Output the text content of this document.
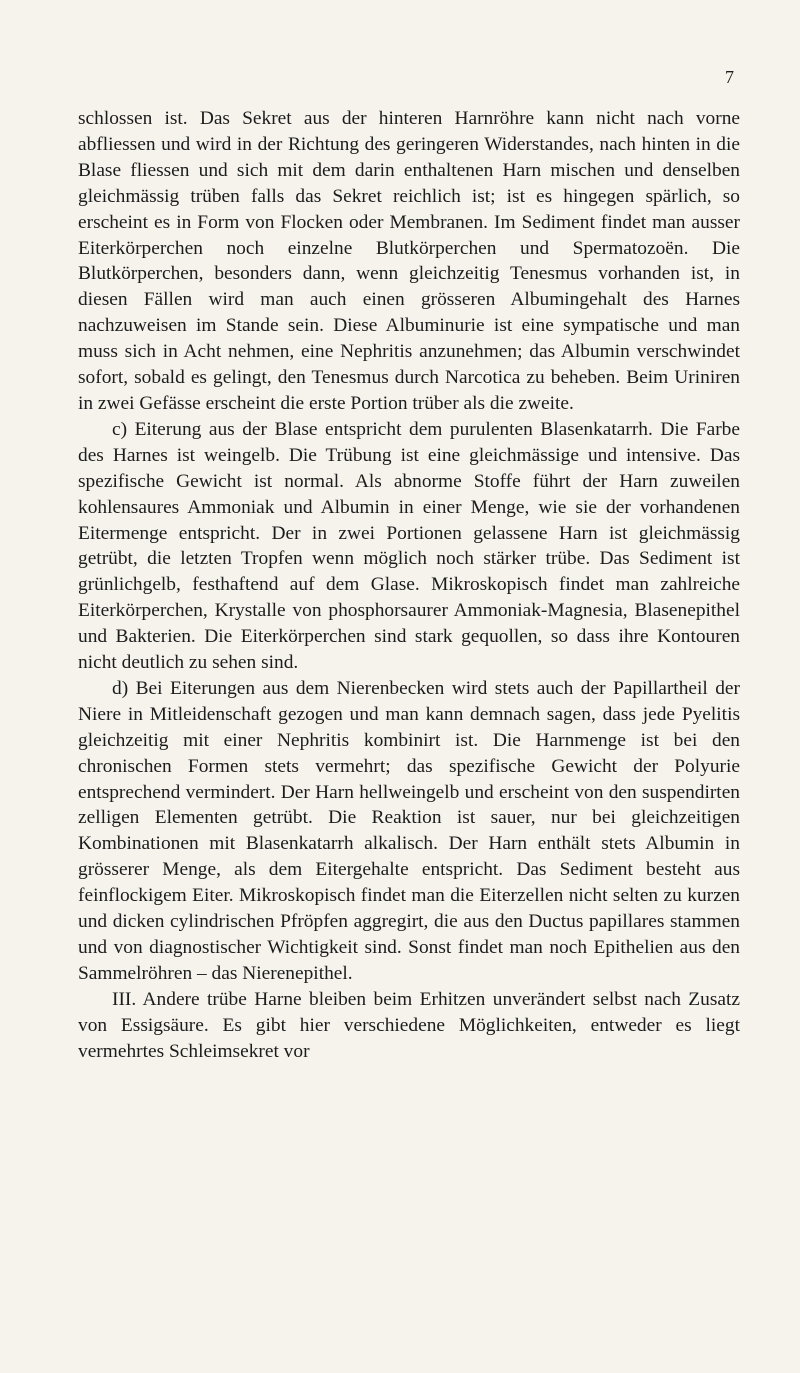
7

schlossen ist. Das Sekret aus der hinteren Harnröhre kann nicht nach vorne abfliessen und wird in der Richtung des geringeren Widerstandes, nach hinten in die Blase fliessen und sich mit dem darin enthaltenen Harn mischen und denselben gleichmässig trüben falls das Sekret reichlich ist; ist es hingegen spärlich, so erscheint es in Form von Flocken oder Membranen. Im Sediment findet man ausser Eiterkörperchen noch einzelne Blutkörperchen und Spermatozoën. Die Blutkörperchen, besonders dann, wenn gleichzeitig Tenesmus vorhanden ist, in diesen Fällen wird man auch einen grösseren Albumingehalt des Harnes nachzuweisen im Stande sein. Diese Albuminurie ist eine sympatische und man muss sich in Acht nehmen, eine Nephritis anzunehmen; das Albumin verschwindet sofort, sobald es gelingt, den Tenesmus durch Narcotica zu beheben. Beim Uriniren in zwei Gefässe erscheint die erste Portion trüber als die zweite.

c) Eiterung aus der Blase entspricht dem purulenten Blasenkatarrh. Die Farbe des Harnes ist weingelb. Die Trübung ist eine gleichmässige und intensive. Das spezifische Gewicht ist normal. Als abnorme Stoffe führt der Harn zuweilen kohlensaures Ammoniak und Albumin in einer Menge, wie sie der vorhandenen Eitermenge entspricht. Der in zwei Portionen gelassene Harn ist gleichmässig getrübt, die letzten Tropfen wenn möglich noch stärker trübe. Das Sediment ist grünlichgelb, festhaftend auf dem Glase. Mikroskopisch findet man zahlreiche Eiterkörperchen, Krystalle von phosphorsaurer Ammoniak-Magnesia, Blasenepithel und Bakterien. Die Eiterkörperchen sind stark gequollen, so dass ihre Kontouren nicht deutlich zu sehen sind.

d) Bei Eiterungen aus dem Nierenbecken wird stets auch der Papillartheil der Niere in Mitleidenschaft gezogen und man kann demnach sagen, dass jede Pyelitis gleichzeitig mit einer Nephritis kombinirt ist. Die Harnmenge ist bei den chronischen Formen stets vermehrt; das spezifische Gewicht der Polyurie entsprechend vermindert. Der Harn hellweingelb und erscheint von den suspendirten zelligen Elementen getrübt. Die Reaktion ist sauer, nur bei gleichzeitigen Kombinationen mit Blasenkatarrh alkalisch. Der Harn enthält stets Albumin in grösserer Menge, als dem Eitergehalte entspricht. Das Sediment besteht aus feinflockigem Eiter. Mikroskopisch findet man die Eiterzellen nicht selten zu kurzen und dicken cylindrischen Pfröpfen aggregirt, die aus den Ductus papillares stammen und von diagnostischer Wichtigkeit sind. Sonst findet man noch Epithelien aus den Sammelröhren – das Nierenepithel.

III. Andere trübe Harne bleiben beim Erhitzen unverändert selbst nach Zusatz von Essigsäure. Es gibt hier verschiedene Möglichkeiten, entweder es liegt vermehrtes Schleimsekret vor
